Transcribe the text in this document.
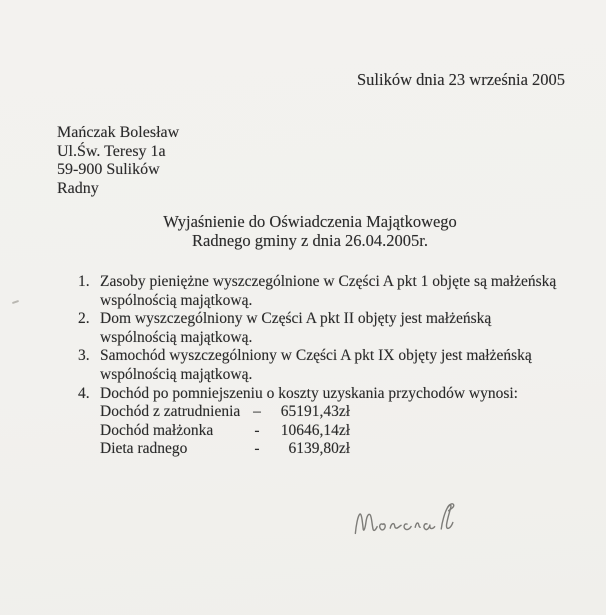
Sulików dnia 23 września 2005
Mańczak Bolesław
Ul.Św. Teresy 1a
59-900 Sulików
Radny
Wyjaśnienie do Oświadczenia Majątkowego
Radnego gminy z dnia 26.04.2005r.
1. Zasoby pieniężne wyszczególnione w Części A pkt 1 objęte są małżeńską
wspólnością majątkową.
2. Dom wyszczególniony w Części A pkt II objęty jest małżeńską
wspólnością majątkową.
3. Samochód wyszczególniony w Części A pkt IX objęty jest małżeńską
wspólnością majątkową.
4. Dochód po pomniejszeniu o koszty uzyskania przychodów wynosi:
Dochód z zatrudnienia –	65191,43zł
Dochód małżonka	-	10646,14zł
Dieta radnego	-	6139,80zł
